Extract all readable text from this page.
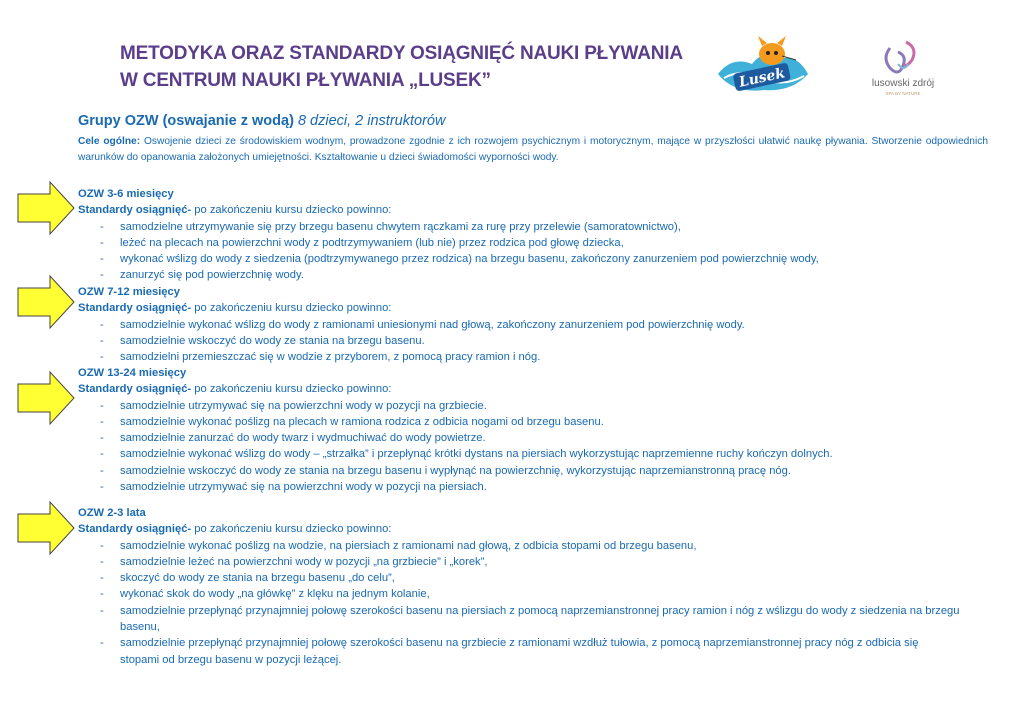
METODYKA ORAZ STANDARDY OSIĄGNIĘĆ NAUKI PŁYWANIA
W CENTRUM NAUKI PŁYWANIA „LUSEK”	Lusek	lusowski zdrój
SPA BY NATURE
Grupy OZW (oswajanie z wodą) 8 dzieci, 2 instruktorów
Cele ogólne: Oswojenie dzieci ze środowiskiem wodnym, prowadzone zgodnie z ich rozwojem psychicznym i motorycznym, mające w przyszłości ułatwić naukę pływania. Stworzenie odpowiednich warunków do opanowania założonych umiejętności. Kształtowanie u dzieci świadomości wyporności wody.
OZW 3-6 miesięcy
Standardy osiągnięć- po zakończeniu kursu dziecko powinno:
- samodzielne utrzymywanie się przy brzegu basenu chwytem rączkami za rurę przy przelewie (samoratownictwo),
- leżeć na plecach na powierzchni wody z podtrzymywaniem (lub nie) przez rodzica pod głowę dziecka,
- wykonać wślizg do wody z siedzenia (podtrzymywanego przez rodzica) na brzegu basenu, zakończony zanurzeniem pod powierzchnię wody,
- zanurzyć się pod powierzchnię wody.
OZW 7-12 miesięcy
Standardy osiągnięć- po zakończeniu kursu dziecko powinno:
- samodzielnie wykonać wślizg do wody z ramionami uniesionymi nad głową, zakończony zanurzeniem pod powierzchnię wody.
- samodzielnie wskoczyć do wody ze stania na brzegu basenu.
- samodzielni przemieszczać się w wodzie z przyborem, z pomocą pracy ramion i nóg.
OZW 13-24 miesięcy
Standardy osiągnięć- po zakończeniu kursu dziecko powinno:
- samodzielnie utrzymywać się na powierzchni wody w pozycji na grzbiecie.
- samodzielnie wykonać poślizg na plecach w ramiona rodzica z odbicia nogami od brzegu basenu.
- samodzielnie zanurzać do wody twarz i wydmuchiwać do wody powietrze.
- samodzielnie wykonać wślizg do wody – „strzałka” i przepłynąć krótki dystans na piersiach wykorzystując naprzemienne ruchy kończyn dolnych.
- samodzielnie wskoczyć do wody ze stania na brzegu basenu i wypłynąć na powierzchnię, wykorzystując naprzemianstronną pracę nóg.
- samodzielnie utrzymywać się na powierzchni wody w pozycji na piersiach.
OZW 2-3 lata
Standardy osiągnięć- po zakończeniu kursu dziecko powinno:
- samodzielnie wykonać poślizg na wodzie, na piersiach z ramionami nad głową, z odbicia stopami od brzegu basenu,
- samodzielnie leżeć na powierzchni wody w pozycji „na grzbiecie” i „korek”,
- skoczyć do wody ze stania na brzegu basenu „do celu”,
- wykonać skok do wody „na główkę” z klęku na jednym kolanie,
- samodzielnie przepłynąć przynajmniej połowę szerokości basenu na piersiach z pomocą naprzemianstronnej pracy ramion i nóg z wślizgu do wody z siedzenia na brzegu basenu,
- samodzielnie przepłynąć przynajmniej połowę szerokości basenu na grzbiecie z ramionami wzdłuż tułowia, z pomocą naprzemianstronnej pracy nóg z odbicia się stopami od brzegu basenu w pozycji leżącej.
